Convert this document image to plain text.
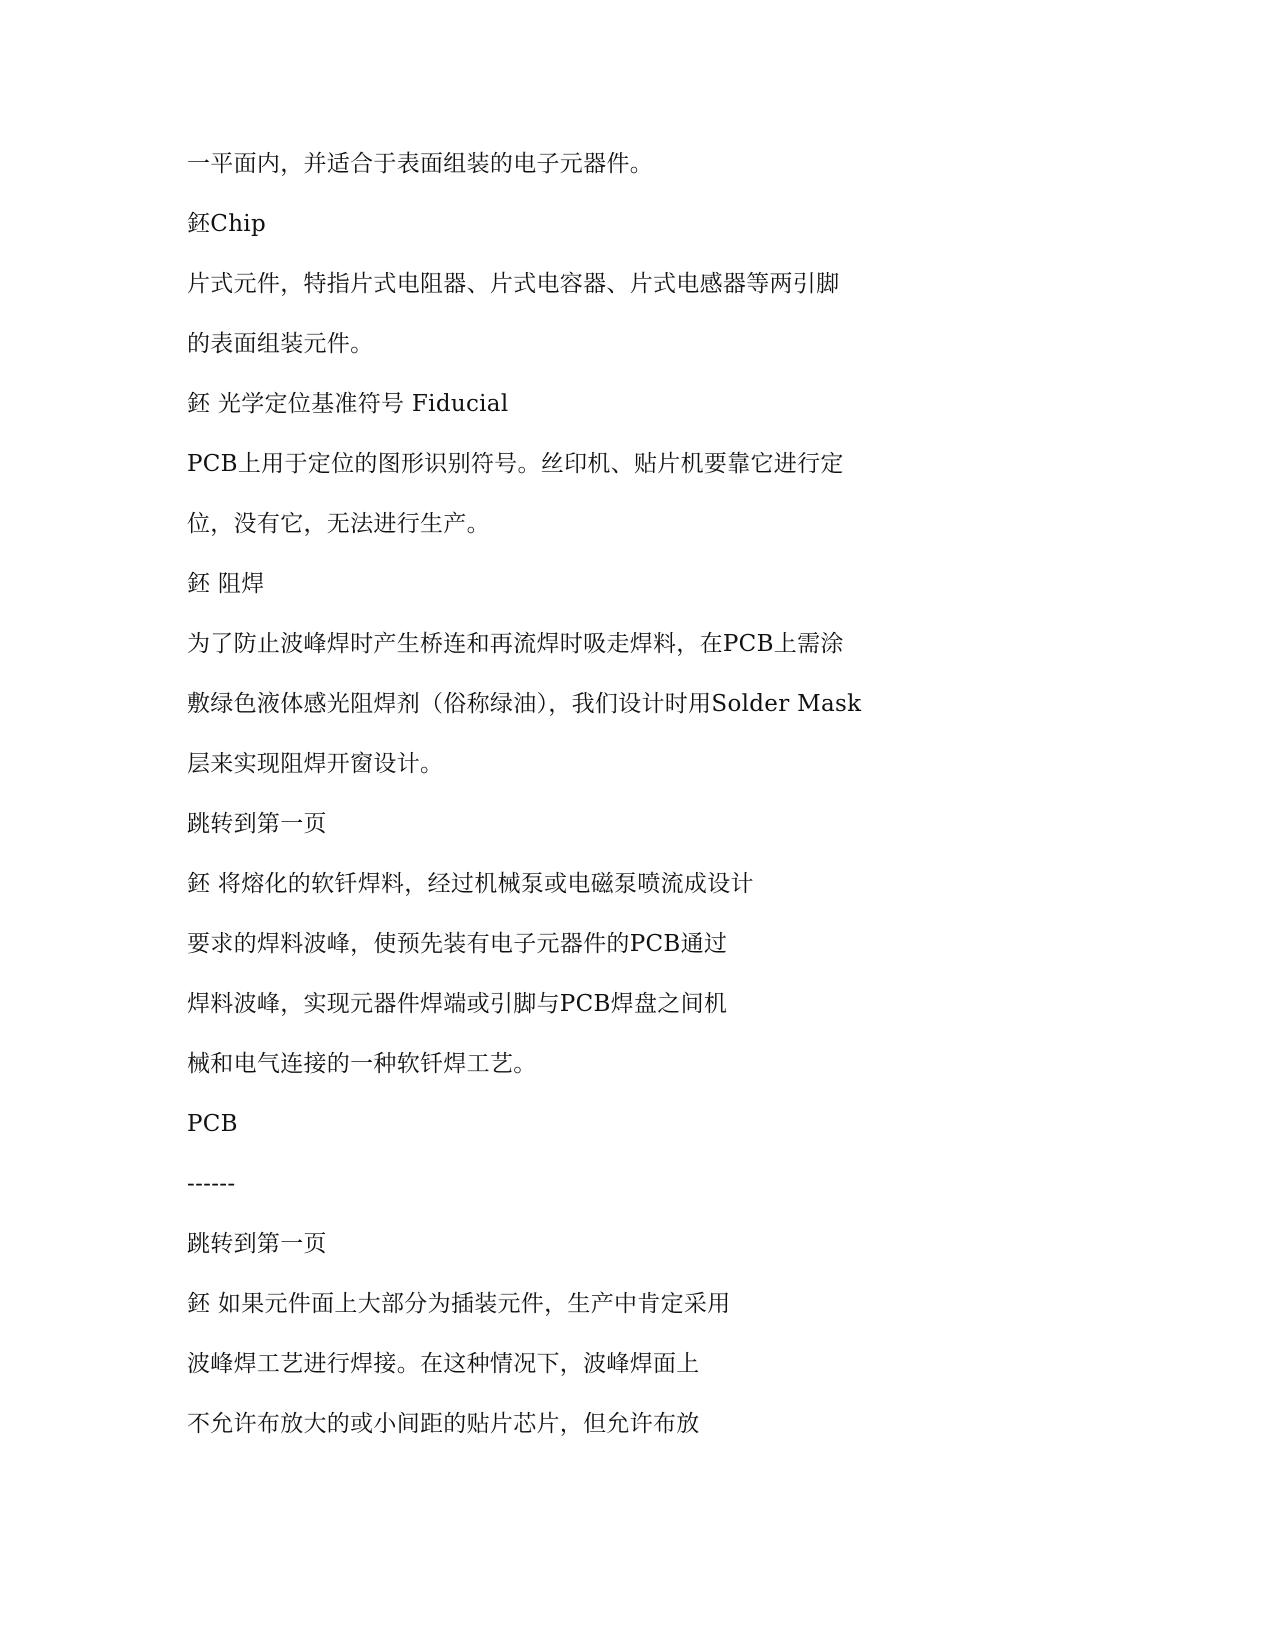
一平面内，并适合于表面组装的电子元器件。
鉟Chip
片式元件，特指片式电阻器、片式电容器、片式电感器等两引脚
的表面组装元件。
鉟 光学定位基准符号 Fiducial
PCB上用于定位的图形识别符号。丝印机、贴片机要靠它进行定
位，没有它，无法进行生产。
鉟 阻焊
为了防止波峰焊时产生桥连和再流焊时吸走焊料，在PCB上需涂
敷绿色液体感光阻焊剂（俗称绿油），我们设计时用Solder Mask
层来实现阻焊开窗设计。
跳转到第一页
鉟 将熔化的软钎焊料，经过机械泵或电磁泵喷流成设计
要求的焊料波峰，使预先装有电子元器件的PCB通过
焊料波峰，实现元器件焊端或引脚与PCB焊盘之间机
械和电气连接的一种软钎焊工艺。
PCB
------
跳转到第一页
鉟 如果元件面上大部分为插装元件，生产中肯定采用
波峰焊工艺进行焊接。在这种情况下，波峰焊面上
不允许布放大的或小间距的贴片芯片，但允许布放
